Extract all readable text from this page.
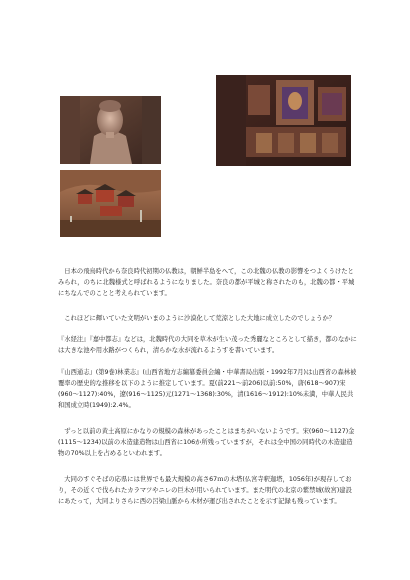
　日本の飛鳥時代から奈良時代初期の仏教は，朝鮮半島をへて，この北魏の仏教の影響をつよくうけたとみられ，のちに北魏様式と呼ばれるようになりました。奈良の都が平城と称されたのも，北魏の都・平城にちなんでのことと考えられています。
　これほどに輝いていた文明がいまのように沙漠化して荒涼とした大地に成立したのでしょうか？
『水経注』『嘉中都志』などは，北魏時代の大同を草木が生い茂った秀麗なところとして描き，都のなかには大きな池や用水路がつくられ，清らかな水が流れるようすを書いています。
『山西通志』(第9巻)林業志』(山西省地方志編纂委員会編・中華書局出版・1992年7月)は山西省の森林被覆率の歴史的な推移を以下のように推定しています。夏(前221〜前206)以前:50%，唐(618〜907)宋(960〜1127):40%，遼(916〜1125)元(1271〜1368):30%，清(1616〜1912):10%未満，中華人民共和国成立時(1949):2.4%。
　ずっと以前の黄土高原にかなりの規模の森林があったことはまちがいないようです。宋(960〜1127)金(1115〜1234)以前の木造建造物は山西省に106か所残っていますが，それは全中国の同時代の木造建造物の70%以上を占めるといわれます。
　大同のすぐそばの応県には世界でも最大規模の高さ67ｍの木塔(仏宮寺釈迦塔，1056年)が現存しており，その近くで伐られたカラマツやニレの巨木が用いられています。また明代の北京の紫禁城(故宮)建設にあたって，大同よりさらに西の呂梁山脈から木材が運び出されたことを示す記録も残っています。
